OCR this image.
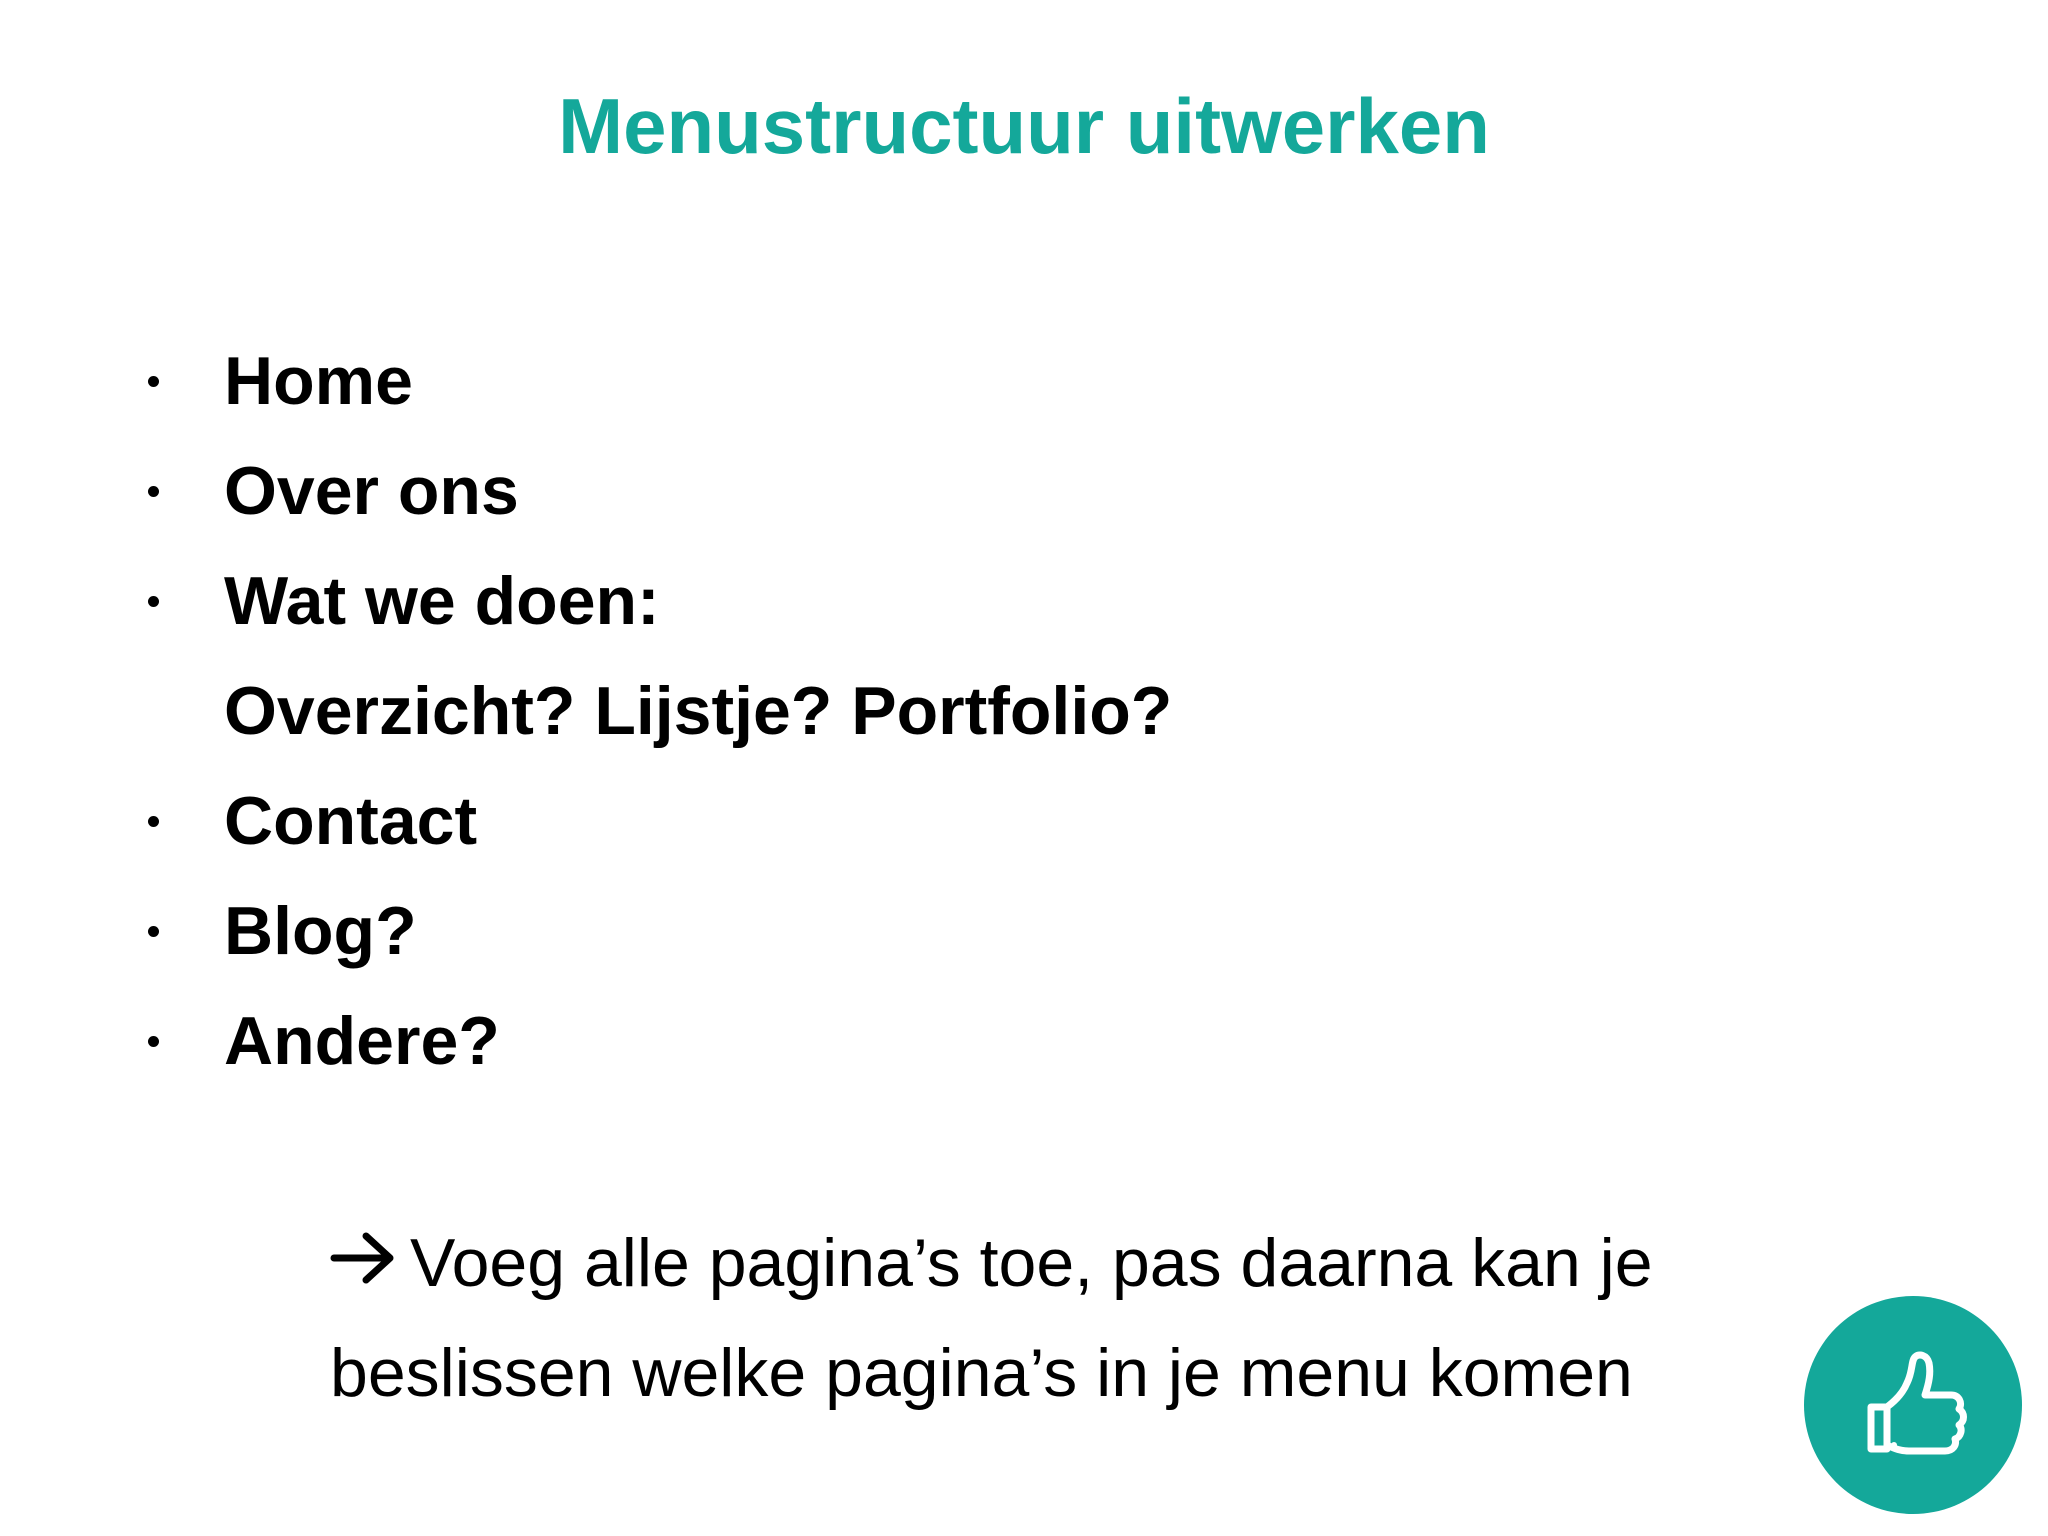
Menustructuur uitwerken
Home
Over ons
Wat we doen:
Overzicht? Lijstje? Portfolio?
Contact
Blog?
Andere?
Voeg alle pagina’s toe, pas daarna kan je
beslissen welke pagina’s in je menu komen
